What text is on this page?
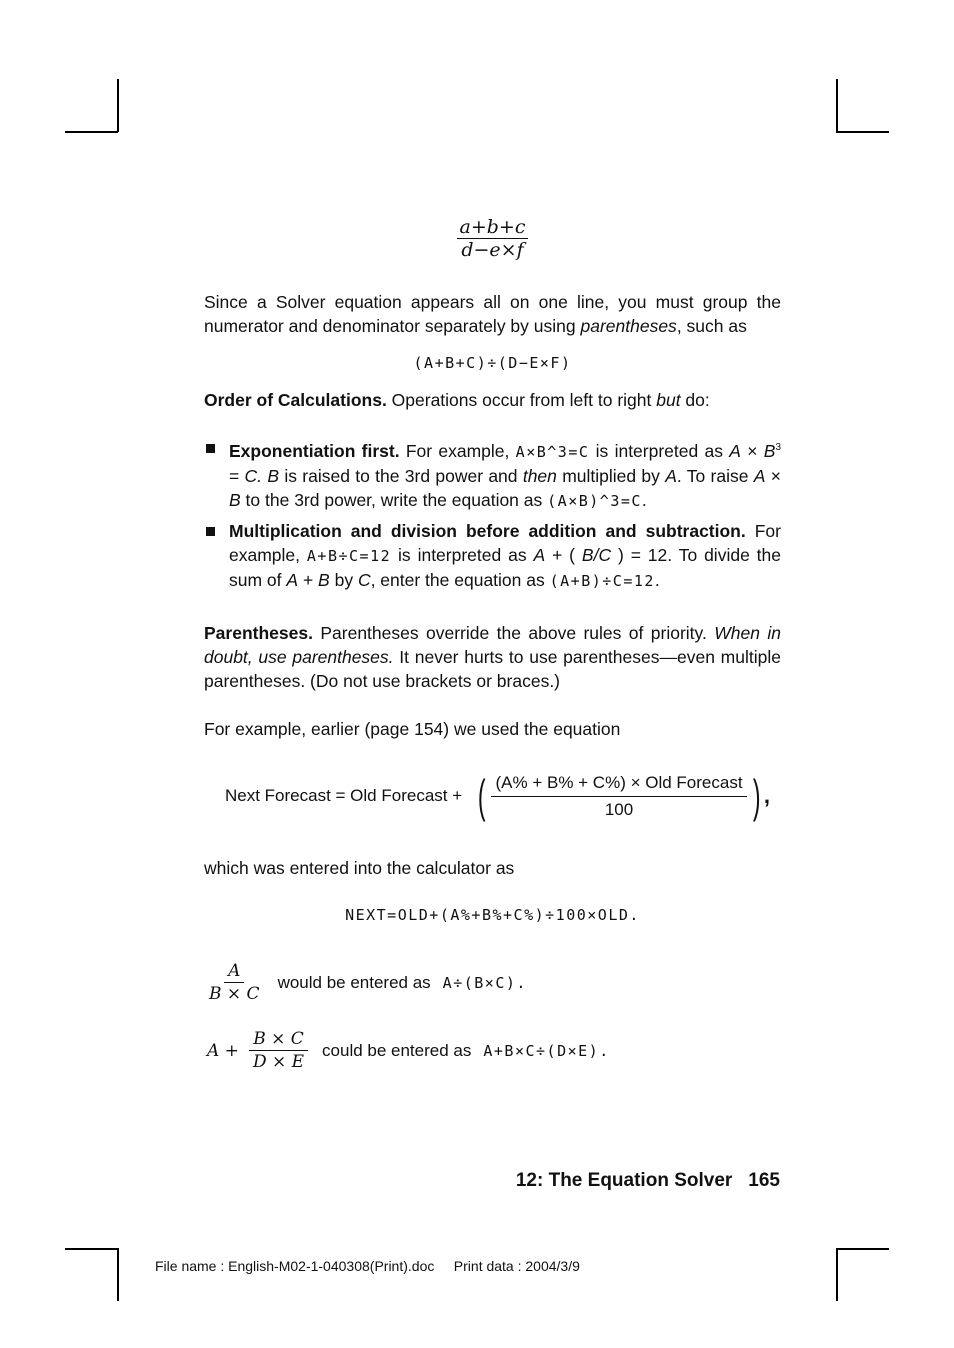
$\frac{a+b+c}{d-e\times f}$
Since a Solver equation appears all on one line, you must group the numerator and denominator separately by using parentheses, such as
(A+B+C)÷(D−E×F)
Order of Calculations. Operations occur from left to right but do:
Exponentiation first. For example, A×B^3=C is interpreted as $A \times B^3 = C$. B is raised to the 3rd power and then multiplied by A. To raise A × B to the 3rd power, write the equation as (A×B)^3=C.
Multiplication and division before addition and subtraction. For example, A+B÷C=12 is interpreted as A + ( B/C ) = 12. To divide the sum of A + B by C, enter the equation as (A+B)÷C=12.
Parentheses. Parentheses override the above rules of priority. When in doubt, use parentheses. It never hurts to use parentheses—even multiple parentheses. (Do not use brackets or braces.)
For example, earlier (page 154) we used the equation
Next Forecast = Old Forecast + ( $\frac{\text{(A\% + B\% + C\%) × Old Forecast}}{100}$ ) ,
which was entered into the calculator as
NEXT=OLD+(A%+B%+C%)÷100×OLD.
$\frac{A}{B \times C}$ would be entered as A÷(B×C).
$A + \frac{B \times C}{D \times E}$ could be entered as A+B×C÷(D×E).
12: The Equation Solver 165
File name : English-M02-1-040308(Print).doc     Print data : 2004/3/9
